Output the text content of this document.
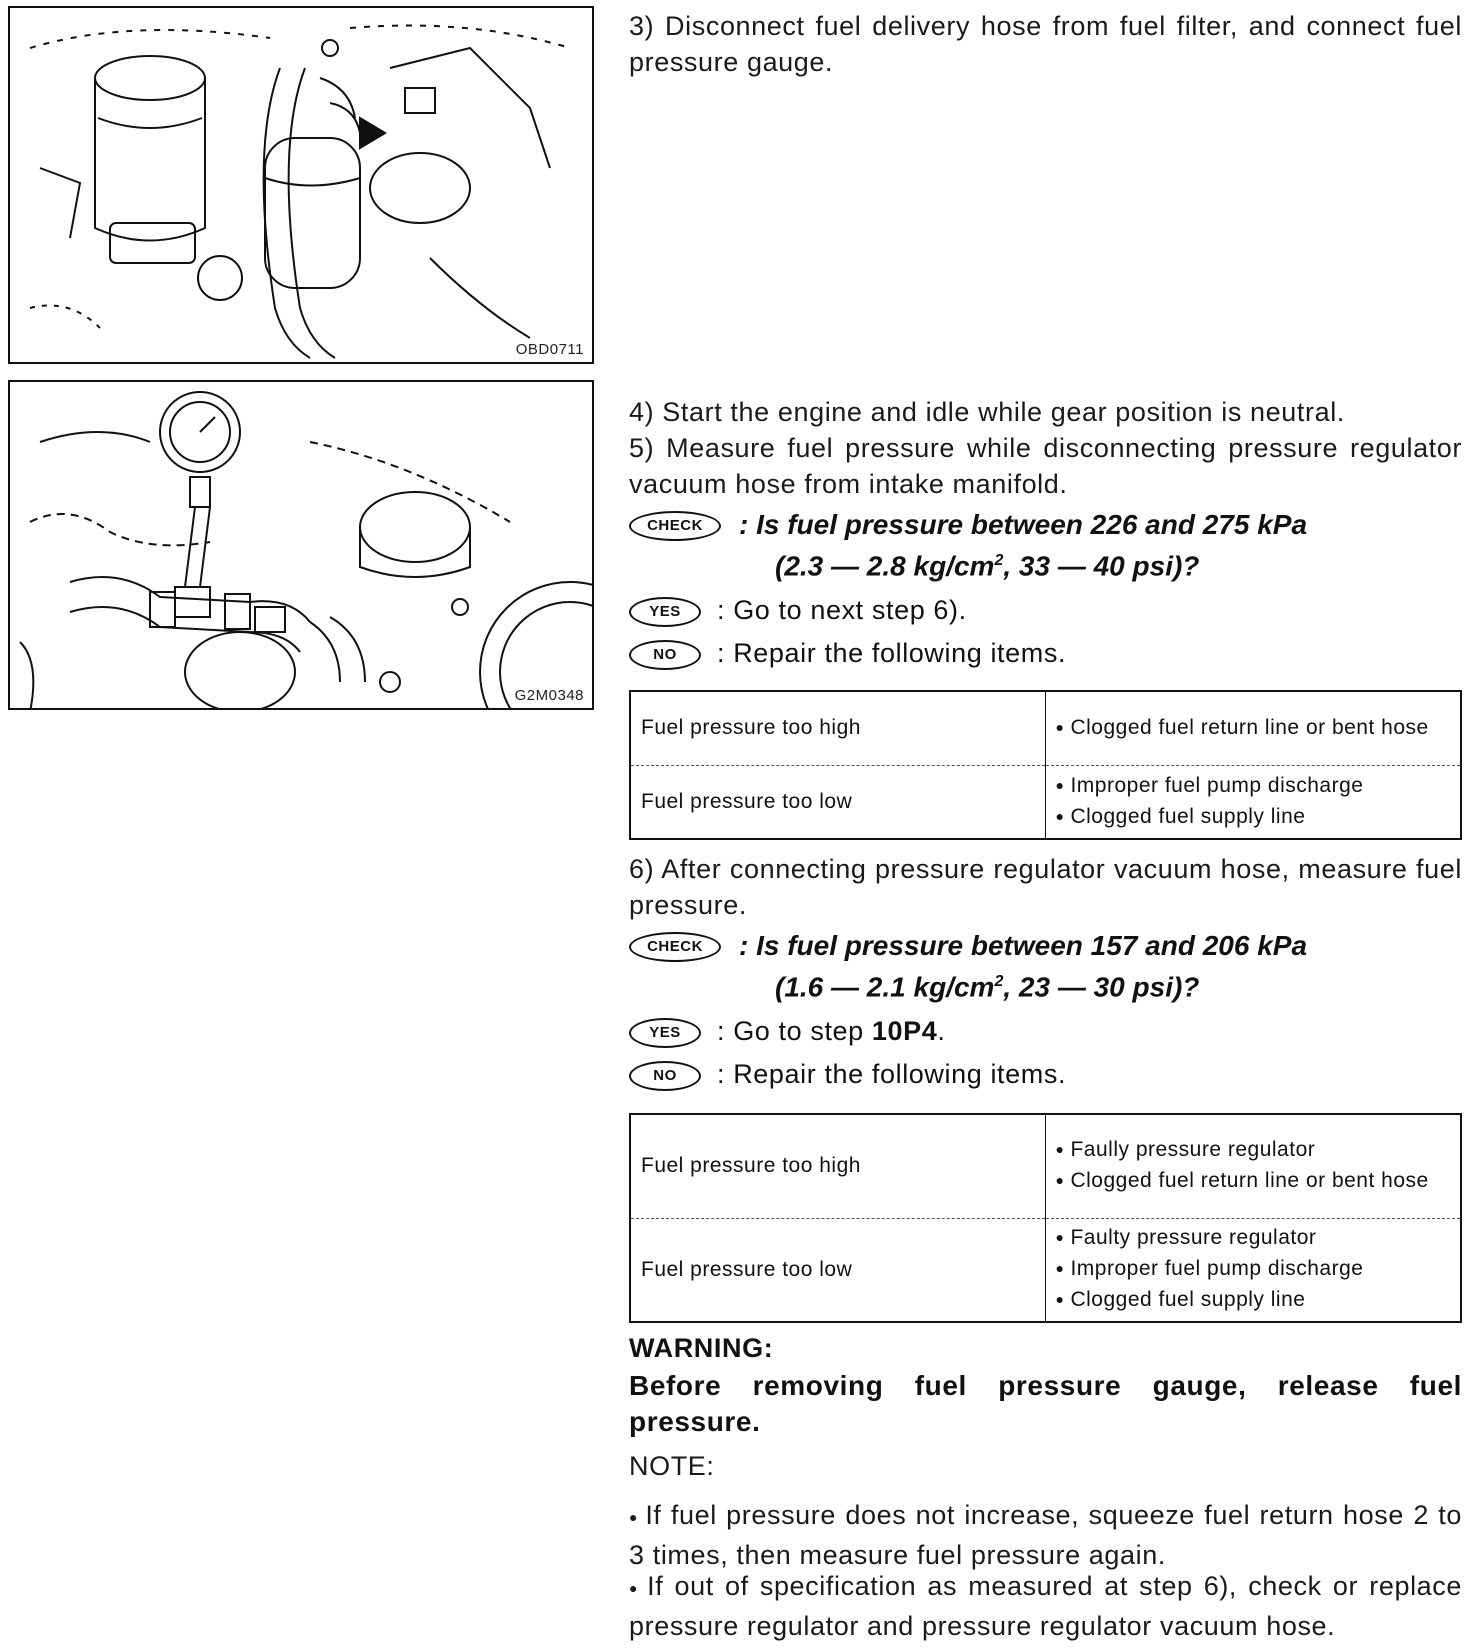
OBD0711
G2M0348
3) Disconnect fuel delivery hose from fuel filter, and connect fuel pressure gauge.
4) Start the engine and idle while gear position is neutral.
5) Measure fuel pressure while disconnecting pressure regulator vacuum hose from intake manifold.
CHECK : Is fuel pressure between 226 and 275 kPa
(2.3 — 2.8 $kg/cm^2$, 33 — 40 psi)?
YES : Go to next step 6).
NO : Repair the following items.
Fuel pressure too high	● Clogged fuel return line or bent hose

Fuel pressure too low	● Improper fuel pump discharge
● Clogged fuel supply line
6) After connecting pressure regulator vacuum hose, measure fuel pressure.
CHECK : Is fuel pressure between 157 and 206 kPa
(1.6 — 2.1 $kg/cm^2$, 23 — 30 psi)?
YES : Go to step 10P4.
NO : Repair the following items.
Fuel pressure too high	● Faully pressure regulator
● Clogged fuel return line or bent hose

Fuel pressure too low	● Faulty pressure regulator
● Improper fuel pump discharge
● Clogged fuel supply line
WARNING:
Before removing fuel pressure gauge, release fuel pressure.
NOTE:
● If fuel pressure does not increase, squeeze fuel return hose 2 to 3 times, then measure fuel pressure again.
● If out of specification as measured at step 6), check or replace pressure regulator and pressure regulator vacuum hose.
